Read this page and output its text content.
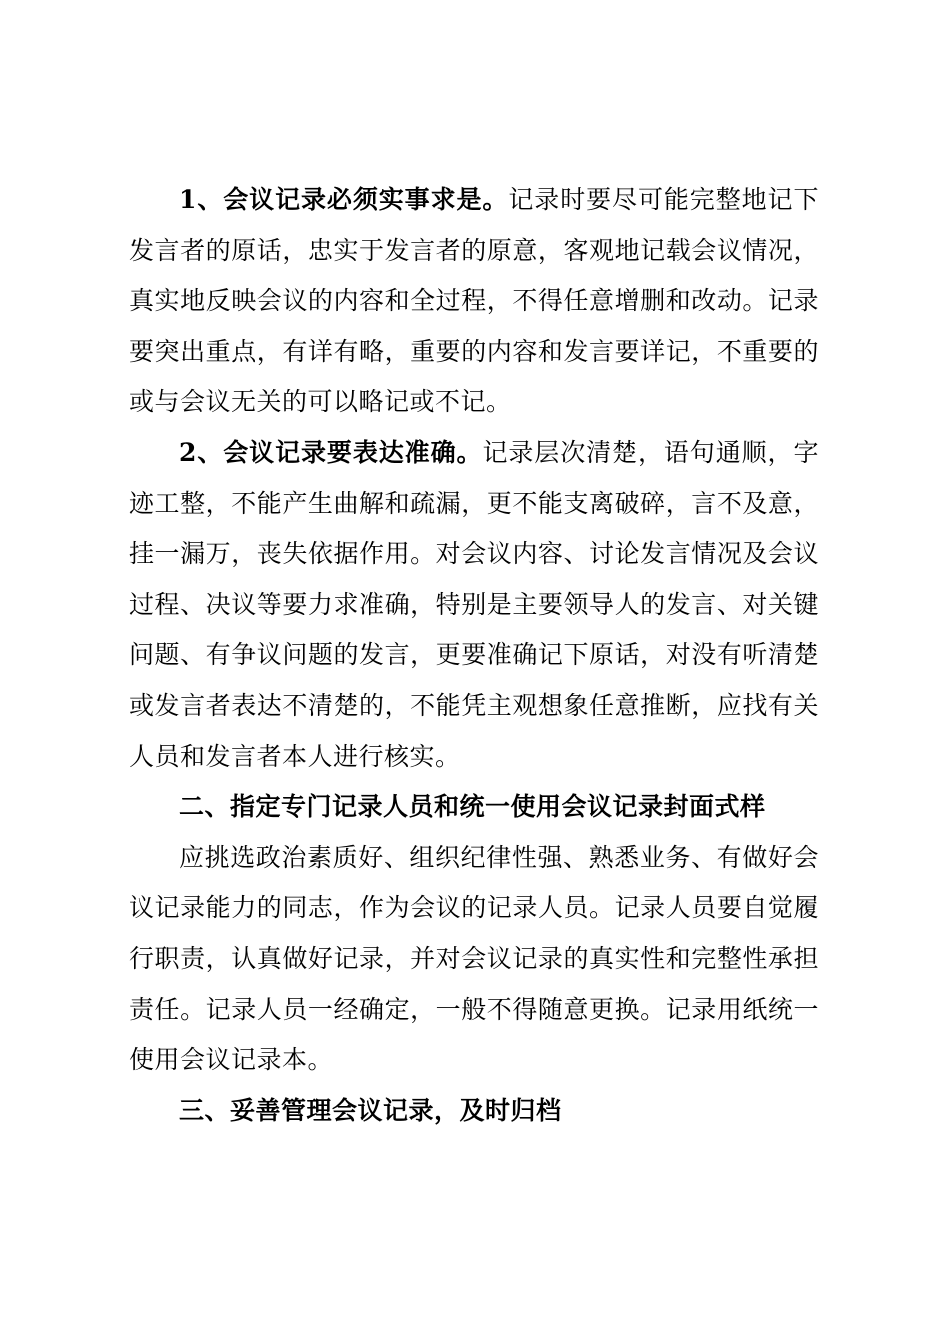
1、会议记录必须实事求是。记录时要尽可能完整地记下发言者的原话，忠实于发言者的原意，客观地记载会议情况，真实地反映会议的内容和全过程，不得任意增删和改动。记录要突出重点，有详有略，重要的内容和发言要详记，不重要的或与会议无关的可以略记或不记。

2、会议记录要表达准确。记录层次清楚，语句通顺，字迹工整，不能产生曲解和疏漏，更不能支离破碎，言不及意，挂一漏万，丧失依据作用。对会议内容、讨论发言情况及会议过程、决议等要力求准确，特别是主要领导人的发言、对关键问题、有争议问题的发言，更要准确记下原话，对没有听清楚或发言者表达不清楚的，不能凭主观想象任意推断，应找有关人员和发言者本人进行核实。

二、指定专门记录人员和统一使用会议记录封面式样

应挑选政治素质好、组织纪律性强、熟悉业务、有做好会议记录能力的同志，作为会议的记录人员。记录人员要自觉履行职责，认真做好记录，并对会议记录的真实性和完整性承担责任。记录人员一经确定，一般不得随意更换。记录用纸统一使用会议记录本。

三、妥善管理会议记录，及时归档
